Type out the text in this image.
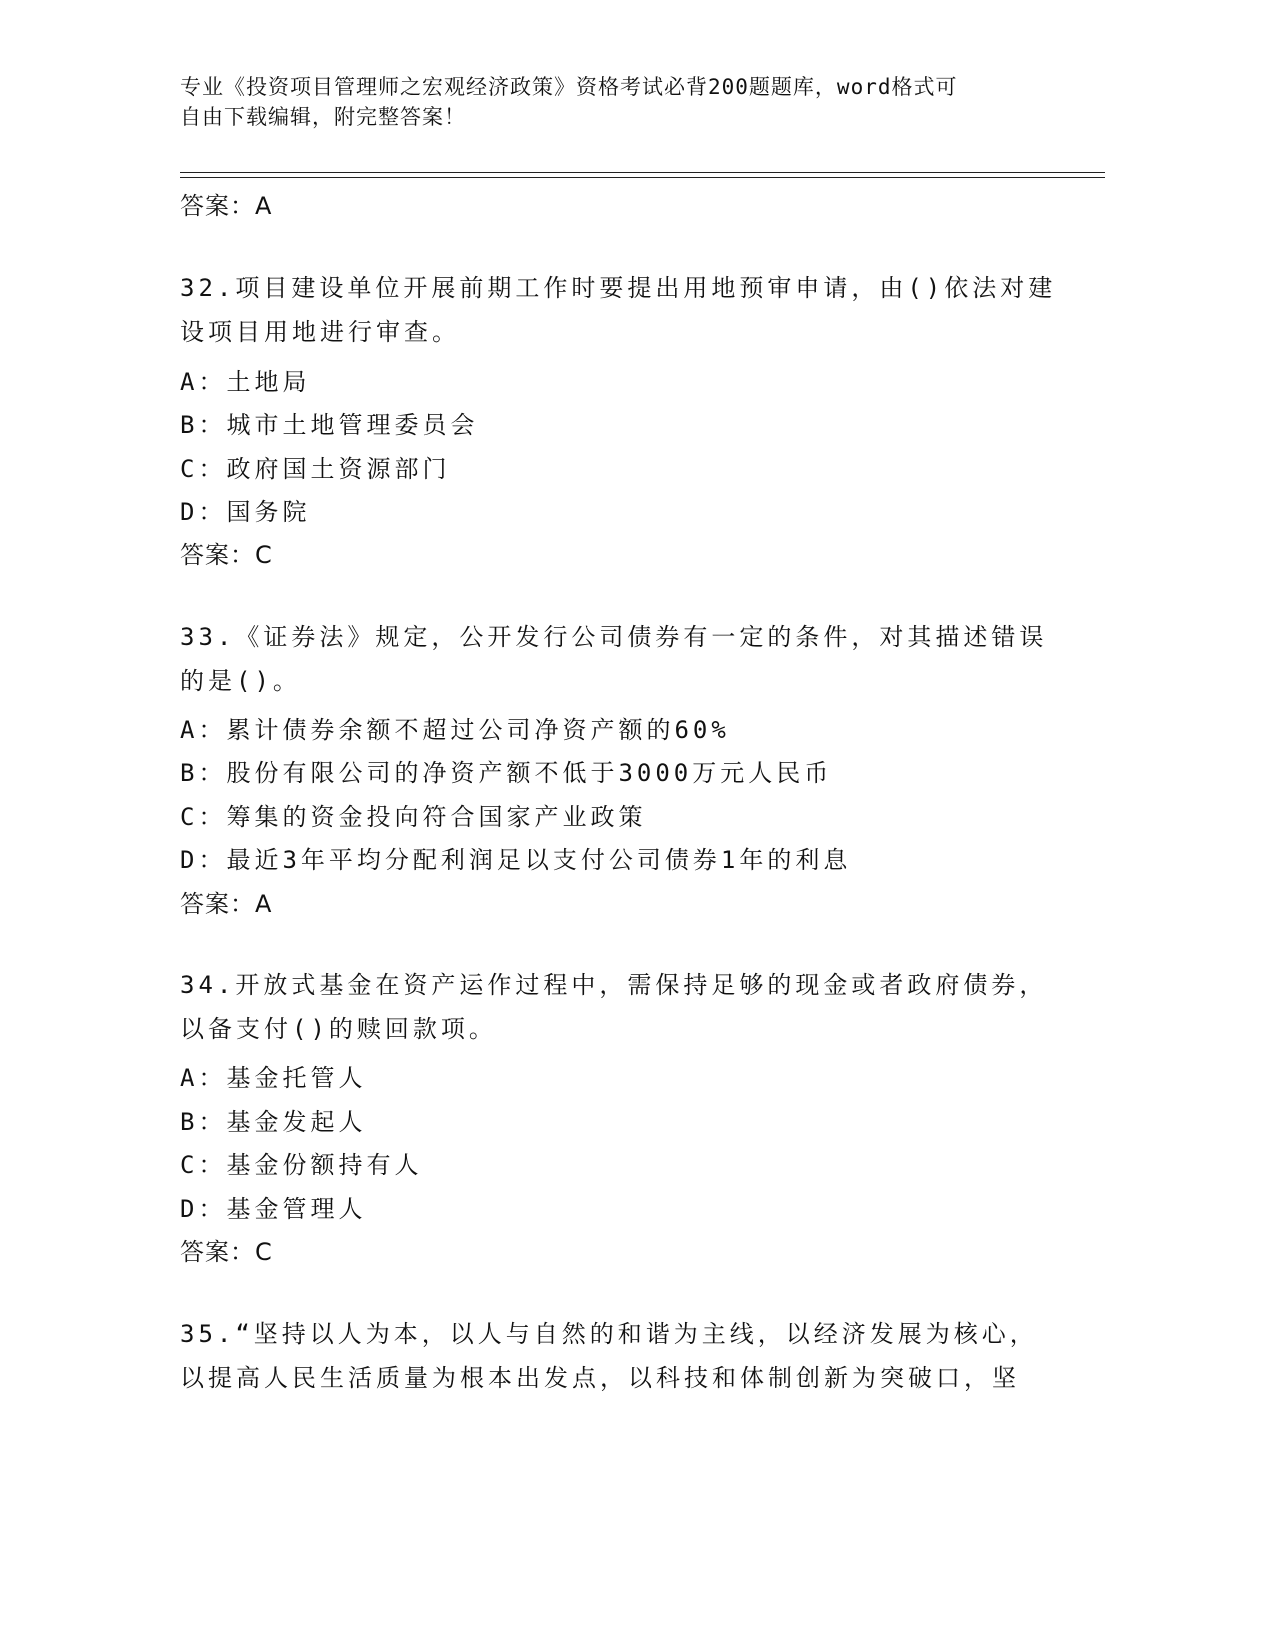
专业《投资项目管理师之宏观经济政策》资格考试必背200题题库，word格式可
自由下载编辑，附完整答案！
答案：A
32.项目建设单位开展前期工作时要提出用地预审申请，由()依法对建
设项目用地进行审查。
A：土地局
B：城市土地管理委员会
C：政府国土资源部门
D：国务院
答案：C
33.《证券法》规定，公开发行公司债券有一定的条件，对其描述错误
的是()。
A：累计债券余额不超过公司净资产额的60%
B：股份有限公司的净资产额不低于3000万元人民币
C：筹集的资金投向符合国家产业政策
D：最近3年平均分配利润足以支付公司债券1年的利息
答案：A
34.开放式基金在资产运作过程中，需保持足够的现金或者政府债券，
以备支付()的赎回款项。
A：基金托管人
B：基金发起人
C：基金份额持有人
D：基金管理人
答案：C
35.“坚持以人为本，以人与自然的和谐为主线，以经济发展为核心，
以提高人民生活质量为根本出发点，以科技和体制创新为突破口，坚
